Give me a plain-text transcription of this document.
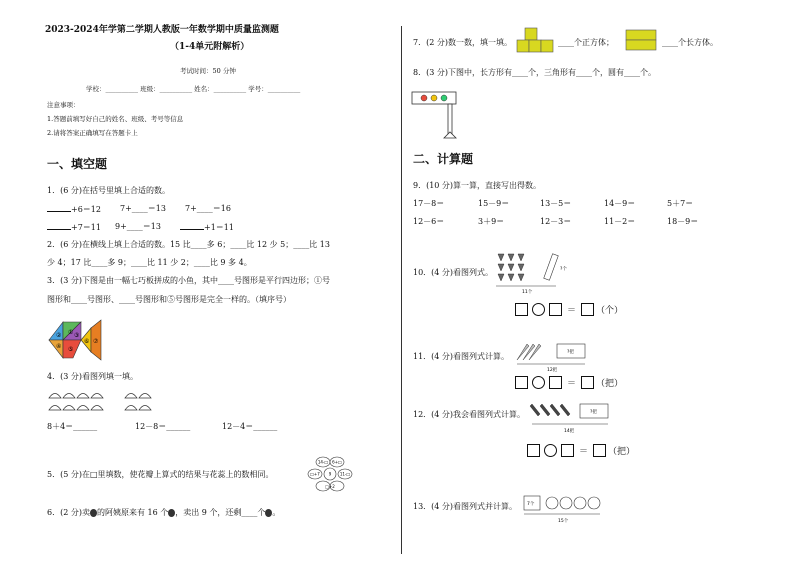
2023-2024年学第二学期人教版一年数学期中质量监测题
（1-4单元附解析）
考试时间：50 分钟
学校：__________ 班级：__________ 姓名：__________ 学号：__________
注意事项：
1.答题前填写好自己的姓名、班级、考号等信息
2.请将答案正确填写在答题卡上
一、填空题
1．(6 分)在括号里填上合适的数。
+6＝12 7+____＝13 7+____＝16
+7＝11 9+____＝13	+1＝11
2．(6 分)在横线上填上合适的数。15 比____多 6；____比 12 少 5；____比 13
少 4；17 比____多 9；____比 11 少 2；____比 9 多 4。
3．(3 分)下图是由一幅七巧板拼成的小鱼，其中____号图形是平行四边形；①号
图形和____号图形、____号图形和⑤号图形是完全一样的。（填序号）
①
② ③
④ ⑤
⑥ ⑦
4．(3 分)看图列填一填。
8＋4＝______	12－8＝______	12－4＝______
5．(5 分)在□里填数，使花瓣上算式的结果与花蕊上的数相同。
14-□ 6+□
9
□+7	11-□
□+2
6．(2 分)卖 的阿姨原来有 16 个 ，卖出 9 个，还剩____个 。
7．(2 分)数一数，填一填。	____个正方体；	____个长方体。
8．(3 分)下图中，长方形有____个，三角形有____个，圆有____个。
二、计算题
9．(10 分)算一算，直接写出得数。
17－8＝	15－9＝	13－5＝	14－9＝	5＋7＝
12－6＝	3＋9＝	12－3＝	11－2＝	18－9＝
10．(4 分)看图列式。	?个
11个
＝ （个）
11．(4 分)看图列式计算。	?把
12把
＝ （把）
12．(4 分)我会看图列式计算。	?把
14把
＝ （把）
13．(4 分)看图列式并计算。 7个
15个
